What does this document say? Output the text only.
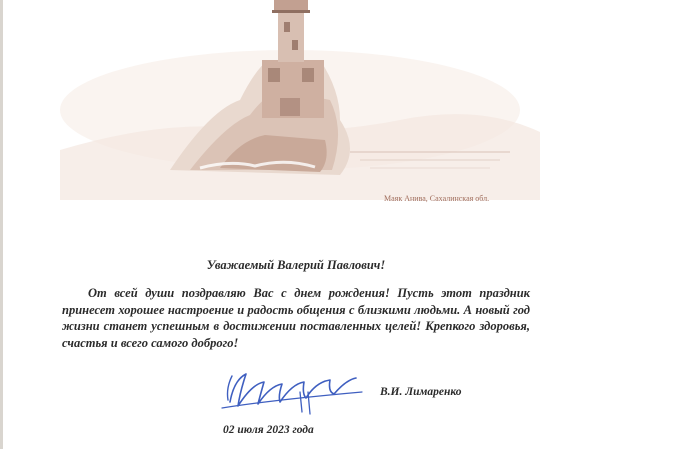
Маяк Анива, Сахалинская обл.
Уважаемый Валерий Павлович!

От всей души поздравляю Вас с днем рождения! Пусть этот праздник принесет хорошее настроение и радость общения с близкими людьми. А новый год жизни станет успешным в достижении поставленных целей! Крепкого здоровья, счастья и всего самого доброго!

В.И. Лимаренко
02 июля 2023 года
